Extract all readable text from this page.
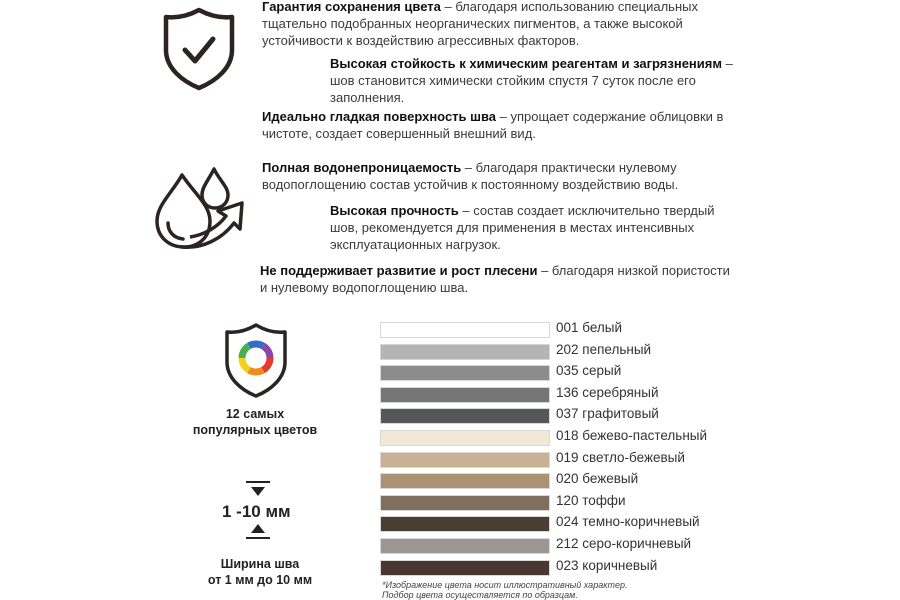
Гарантия сохранения цвета – благодаря использованию специальных тщательно подобранных неорганических пигментов, а также высокой устойчивости к воздействию агрессивных факторов.
Высокая стойкость к химическим реагентам и загрязнениям – шов становится химически стойким спустя 7 суток после его заполнения.
Идеально гладкая поверхность шва – упрощает содержание облицовки в чистоте, создает совершенный внешний вид.
Полная водонепроницаемость – благодаря практически нулевому водопоглощению состав устойчив к постоянному воздействию воды.
Высокая прочность – состав создает исключительно твердый шов, рекомендуется для применения в местах интенсивных эксплуатационных нагрузок.
Не поддерживает развитие и рост плесени – благодаря низкой пористости и нулевому водопоглощению шва.
12 самых
популярных цветов
1 -10 мм
Ширина шва
от 1 мм до 10 мм
001 белый
202 пепельный
035 серый
136 серебряный
037 графитовый
018 бежево-пастельный
019 светло-бежевый
020 бежевый
120 тоффи
024 темно-коричневый
212 серо-коричневый
023 коричневый
*Изображение цвета носит иллюстративный характер.
Подбор цвета осуществляется по образцам.
